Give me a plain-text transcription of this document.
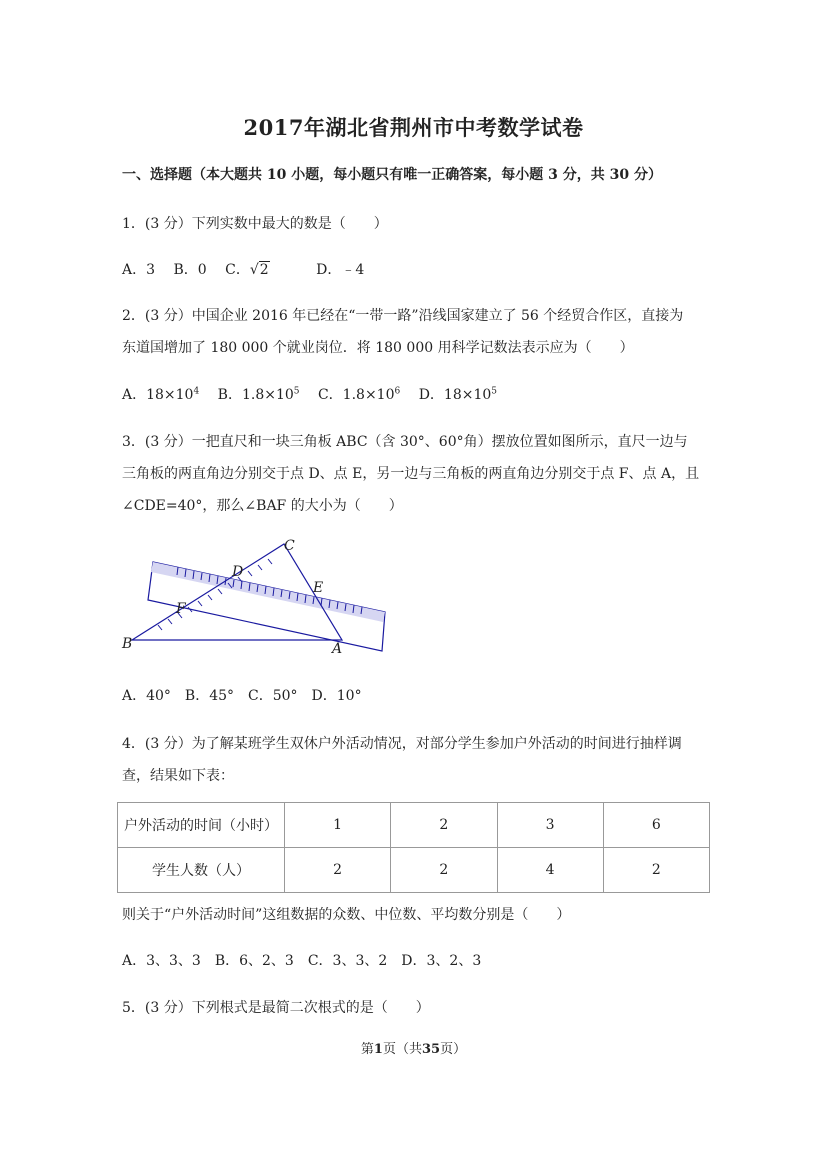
2017年湖北省荆州市中考数学试卷
一、选择题（本大题共 10 小题，每小题只有唯一正确答案，每小题 3 分，共 30 分）
1．(3 分）下列实数中最大的数是（　　）
A．3 B．0 C．√2	D．﹣4
2．(3 分）中国企业 2016 年已经在“一带一路”沿线国家建立了 56 个经贸合作区，直接为
东道国增加了 180 000 个就业岗位．将 180 000 用科学记数法表示应为（　　）
A．$18\times 10^4$ B．$1.8\times 10^5$ C．$1.8\times 10^6$ D．$18\times 10^5$
3．(3 分）一把直尺和一块三角板 ABC（含 30°、60°角）摆放位置如图所示，直尺一边与
三角板的两直角边分别交于点 D、点 E，另一边与三角板的两直角边分别交于点 F、点 A，且
∠CDE=40°，那么∠BAF 的大小为（　　）
B	A
C
D
E
F
A．40°　B．45°　C．50°　D．10°
4．(3 分）为了解某班学生双休户外活动情况，对部分学生参加户外活动的时间进行抽样调
查，结果如下表：
户外活动的时间（小时）	1	2	3	6
学生人数（人）	2	2	4	2
则关于“户外活动时间”这组数据的众数、中位数、平均数分别是（　　）
A．3、3、3　B．6、2、3　C．3、3、2　D．3、2、3
5．(3 分）下列根式是最简二次根式的是（　　）
第1页（共35页）
